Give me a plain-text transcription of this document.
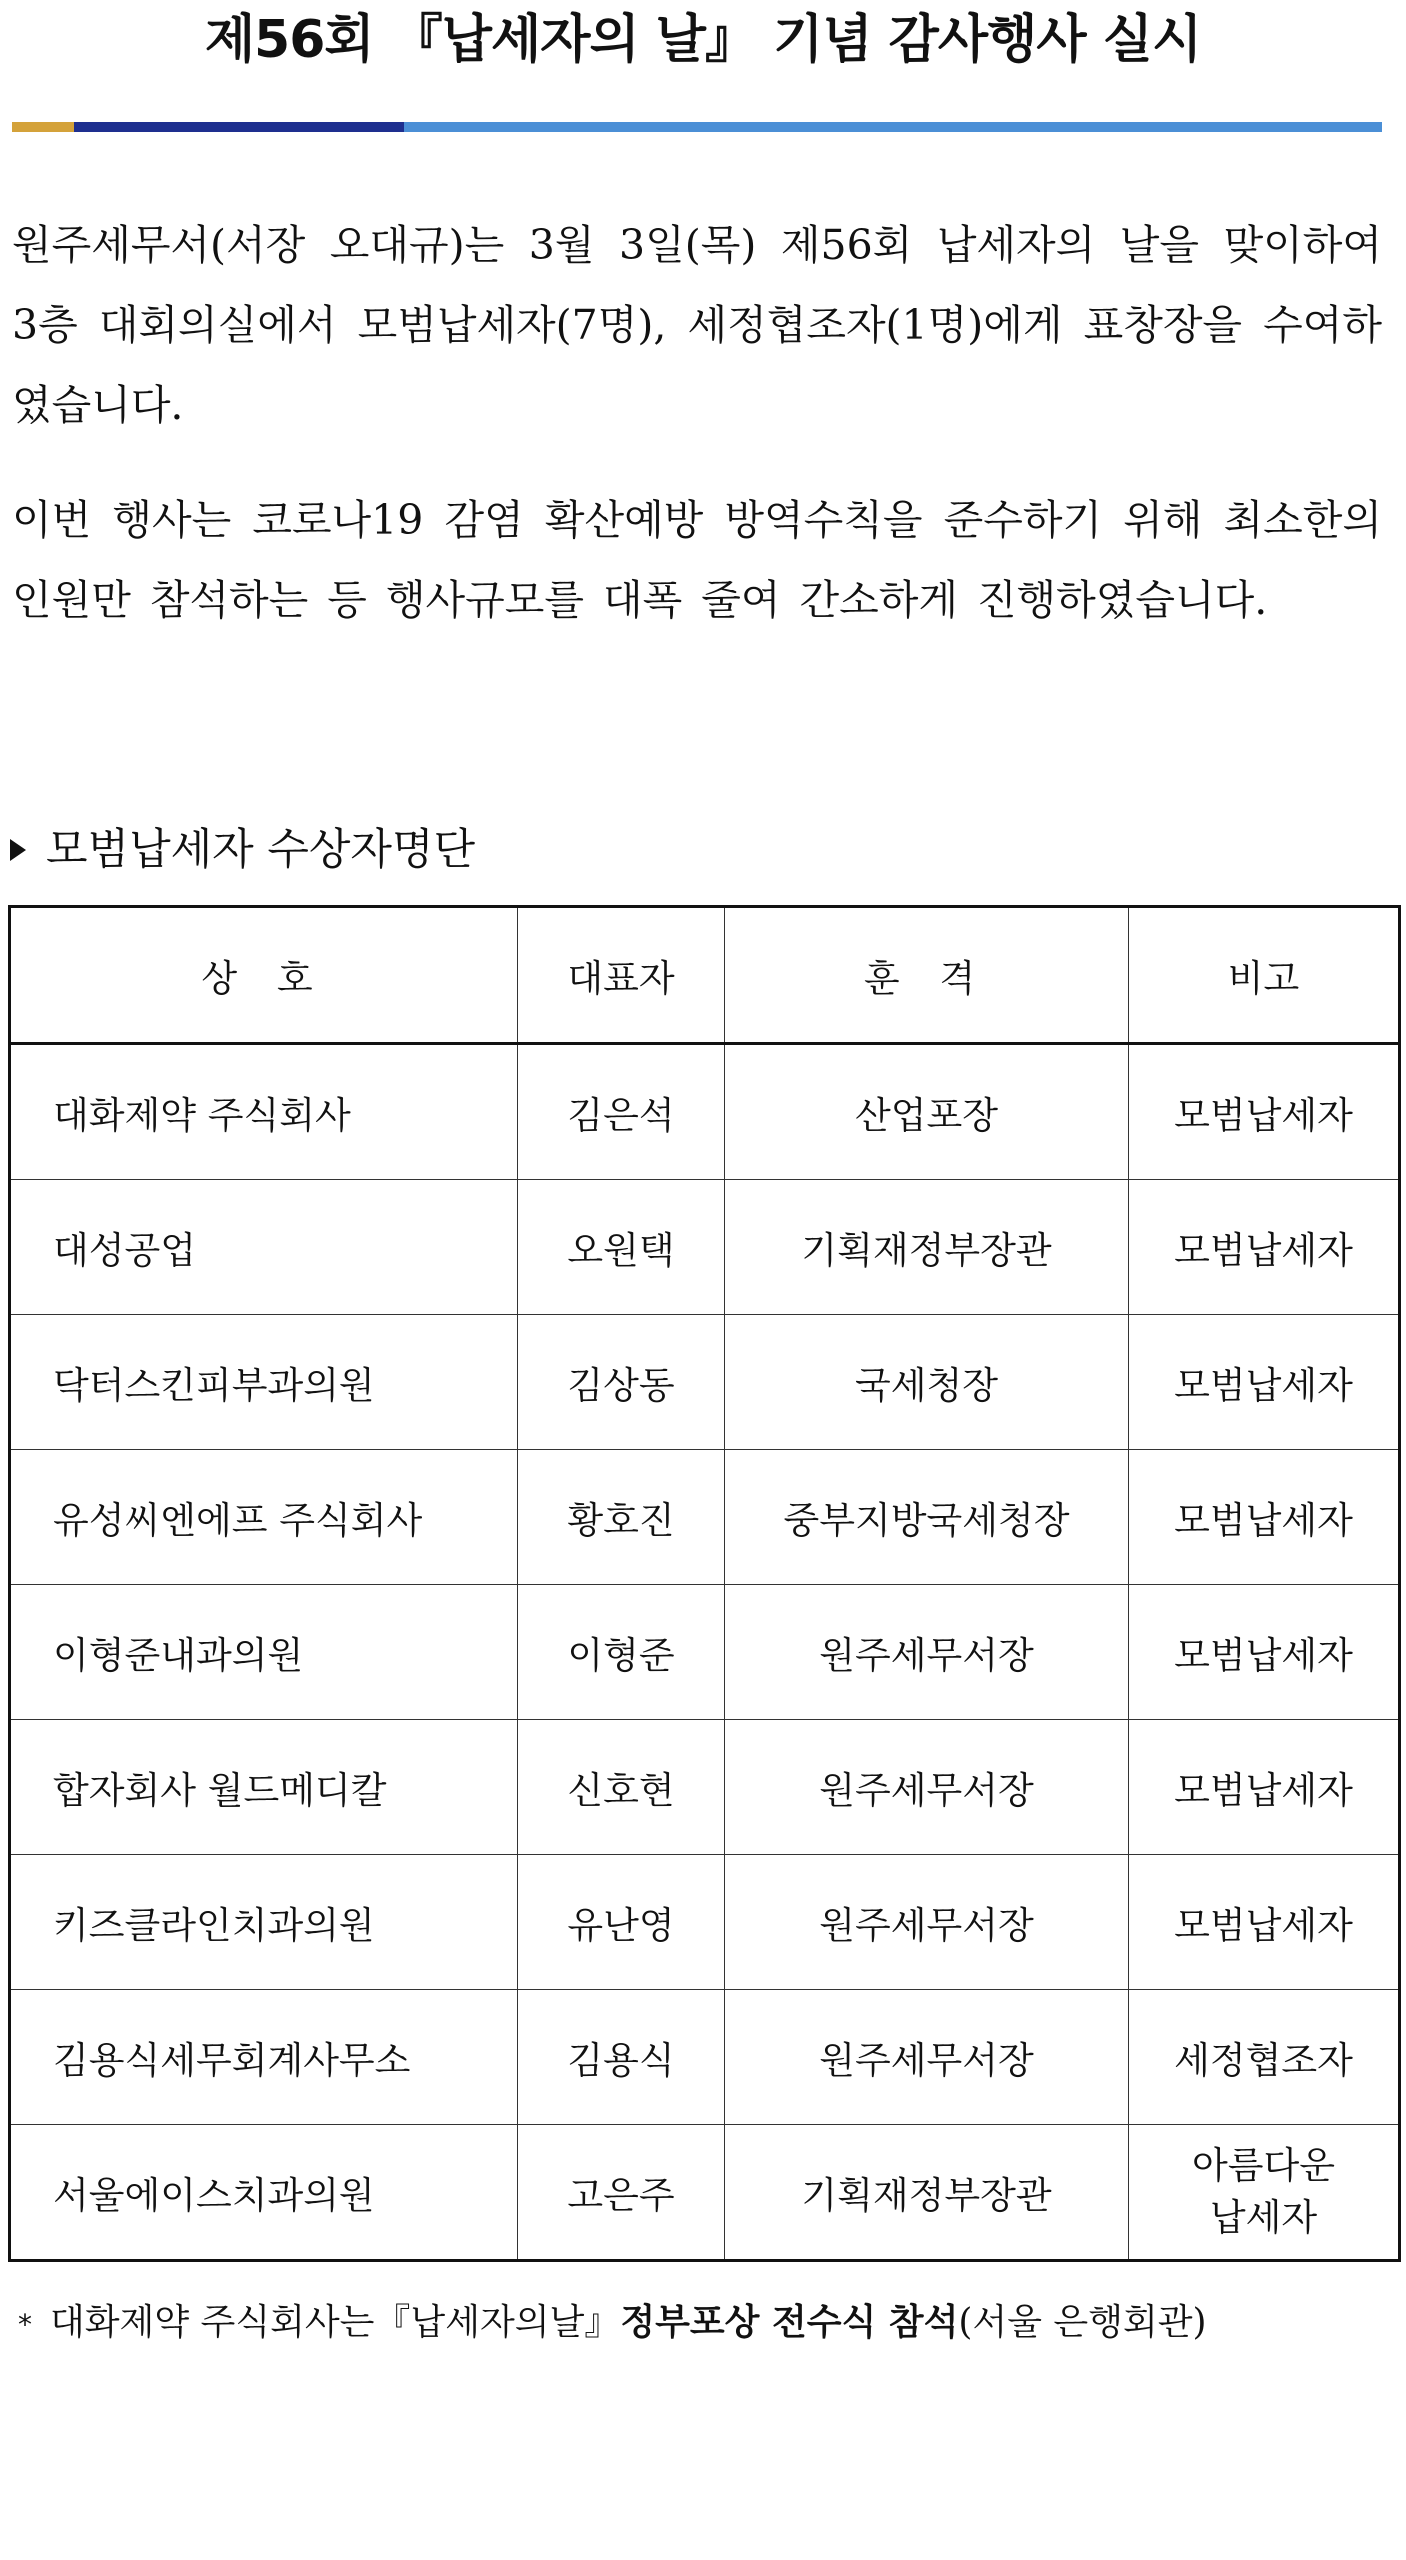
제56회 『납세자의 날』 기념 감사행사 실시
원주세무서(서장 오대규)는 3월 3일(목) 제56회 납세자의 날을 맞이하여 3층 대회의실에서 모범납세자(7명), 세정협조자(1명)에게 표창장을 수여하였습니다.
이번 행사는 코로나19 감염 확산예방 방역수칙을 준수하기 위해 최소한의 인원만 참석하는 등 행사규모를 대폭 줄여 간소하게 진행하였습니다.
모범납세자 수상자명단
상 호	대표자	훈 격	비고
대화제약 주식회사	김은석	산업포장	모범납세자
대성공업	오원택	기획재정부장관	모범납세자
닥터스킨피부과의원	김상동	국세청장	모범납세자
유성씨엔에프 주식회사	황호진	중부지방국세청장	모범납세자
이형준내과의원	이형준	원주세무서장	모범납세자
합자회사 월드메디칼	신호현	원주세무서장	모범납세자
키즈클라인치과의원	유난영	원주세무서장	모범납세자
김용식세무회계사무소	김용식	원주세무서장	세정협조자
서울에이스치과의원	고은주	기획재정부장관	아름다운
납세자
* 대화제약 주식회사는『납세자의날』정부포상 전수식 참석(서울 은행회관)
